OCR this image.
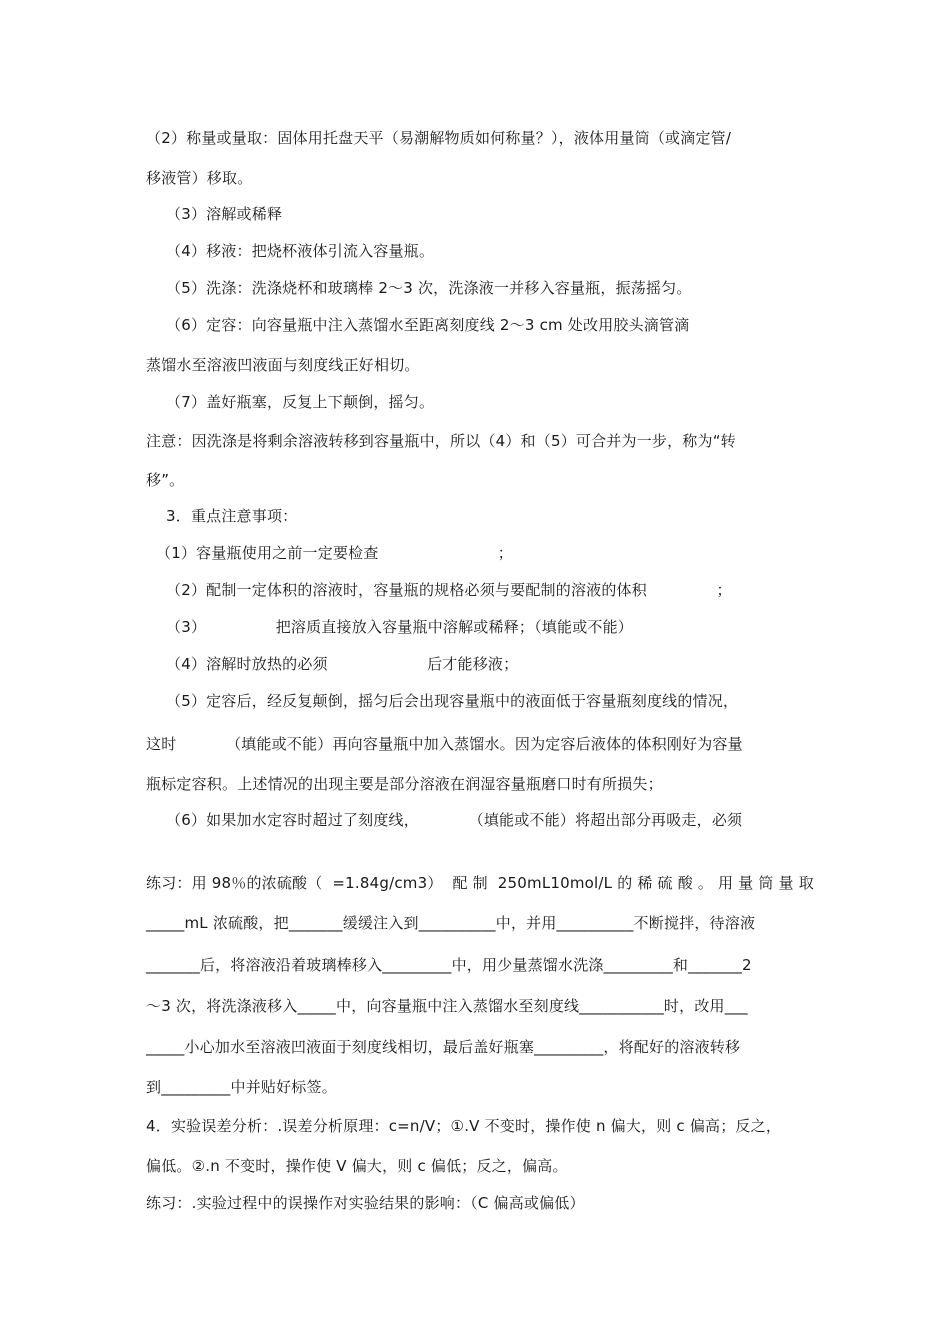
（2）称量或量取：固体用托盘天平（易潮解物质如何称量？），液体用量筒（或滴定管/
移液管）移取。
（3）溶解或稀释
（4）移液：把烧杯液体引流入容量瓶。
（5）洗涤：洗涤烧杯和玻璃棒 2～3 次，洗涤液一并移入容量瓶，振荡摇匀。
（6）定容：向容量瓶中注入蒸馏水至距离刻度线 2～3 cm 处改用胶头滴管滴
蒸馏水至溶液凹液面与刻度线正好相切。
（7）盖好瓶塞，反复上下颠倒，摇匀。
注意：因洗涤是将剩余溶液转移到容量瓶中，所以（4）和（5）可合并为一步，称为“转
移”。
3．重点注意事项：
（1）容量瓶使用之前一定要检查                        ；
（2）配制一定体积的溶液时，容量瓶的规格必须与要配制的溶液的体积              ；
（3）              把溶质直接放入容量瓶中溶解或稀释；（填能或不能）
（4）溶解时放热的必须                    后才能移液；
（5）定容后，经反复颠倒，摇匀后会出现容量瓶中的液面低于容量瓶刻度线的情况，
这时          （填能或不能）再向容量瓶中加入蒸馏水。因为定容后液体的体积刚好为容量
瓶标定容积。上述情况的出现主要是部分溶液在润湿容量瓶磨口时有所损失；
（6）如果加水定容时超过了刻度线，          （填能或不能）将超出部分再吸走，必须
练习：用 98％的浓硫酸（  =1.84g/cm3）  配 制  250mL10mol/L 的 稀 硫 酸 。 用 量 筒 量 取
_____mL 浓硫酸，把_______缓缓注入到__________中，并用__________不断搅拌，待溶液
_______后，将溶液沿着玻璃棒移入_________中，用少量蒸馏水洗涤_________和_______2
～3 次，将洗涤液移入_____中，向容量瓶中注入蒸馏水至刻度线___________时，改用___
_____小心加水至溶液凹液面于刻度线相切，最后盖好瓶塞_________，将配好的溶液转移
到_________中并贴好标签。
4．实验误差分析：.误差分析原理：c=n/V；①.V 不变时，操作使 n 偏大，则 c 偏高；反之，
偏低。②.n 不变时，操作使 V 偏大，则 c 偏低；反之，偏高。
练习：.实验过程中的误操作对实验结果的影响：（C 偏高或偏低）
